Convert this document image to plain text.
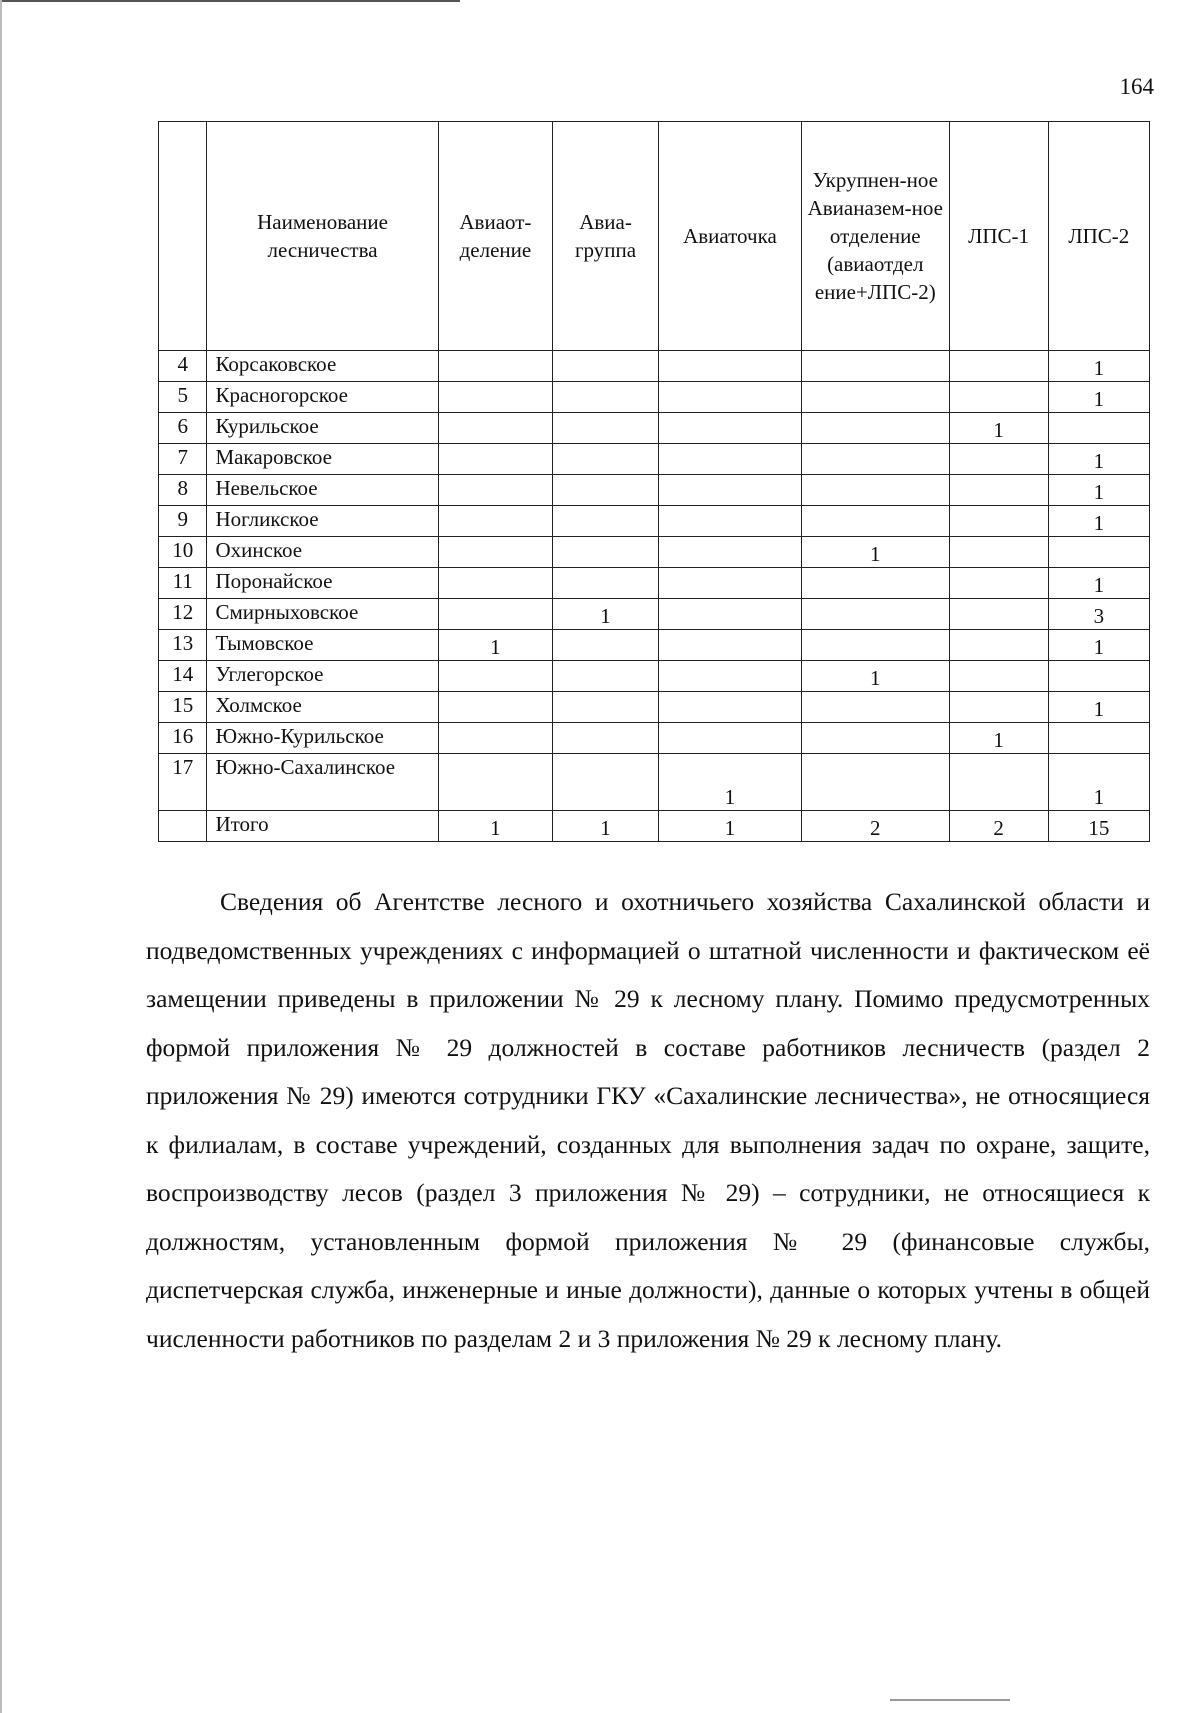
164
	Наименование лесничества	Авиаот-деление	Авиа-группа	Авиаточка	Укрупнен-ное Авианазем-ное отделение (авиаотдел ение+ЛПС-2)	ЛПС-1	ЛПС-2
4	Корсаковское						1
5	Красногорское						1
6	Курильское					1	
7	Макаровское						1
8	Невельское						1
9	Ногликское						1
10	Охинское				1		
11	Поронайское						1
12	Смирныховское		1				3
13	Тымовское	1					1
14	Углегорское				1		
15	Холмское						1
16	Южно-Курильское					1	
17	Южно-Сахалинское			1			1
	Итого	1	1	1	2	2	15

Сведения об Агентстве лесного и охотничьего хозяйства Сахалинской области и подведомственных учреждениях с информацией о штатной численности и фактическом её замещении приведены в приложении № 29 к лесному плану. Помимо предусмотренных формой приложения № 29 должностей в составе работников лесничеств (раздел 2 приложения № 29) имеются сотрудники ГКУ «Сахалинские лесничества», не относящиеся к филиалам, в составе учреждений, созданных для выполнения задач по охране, защите, воспроизводству лесов (раздел 3 приложения № 29) – сотрудники, не относящиеся к должностям, установленным формой приложения № 29 (финансовые службы, диспетчерская служба, инженерные и иные должности), данные о которых учтены в общей численности работников по разделам 2 и 3 приложения № 29 к лесному плану.
